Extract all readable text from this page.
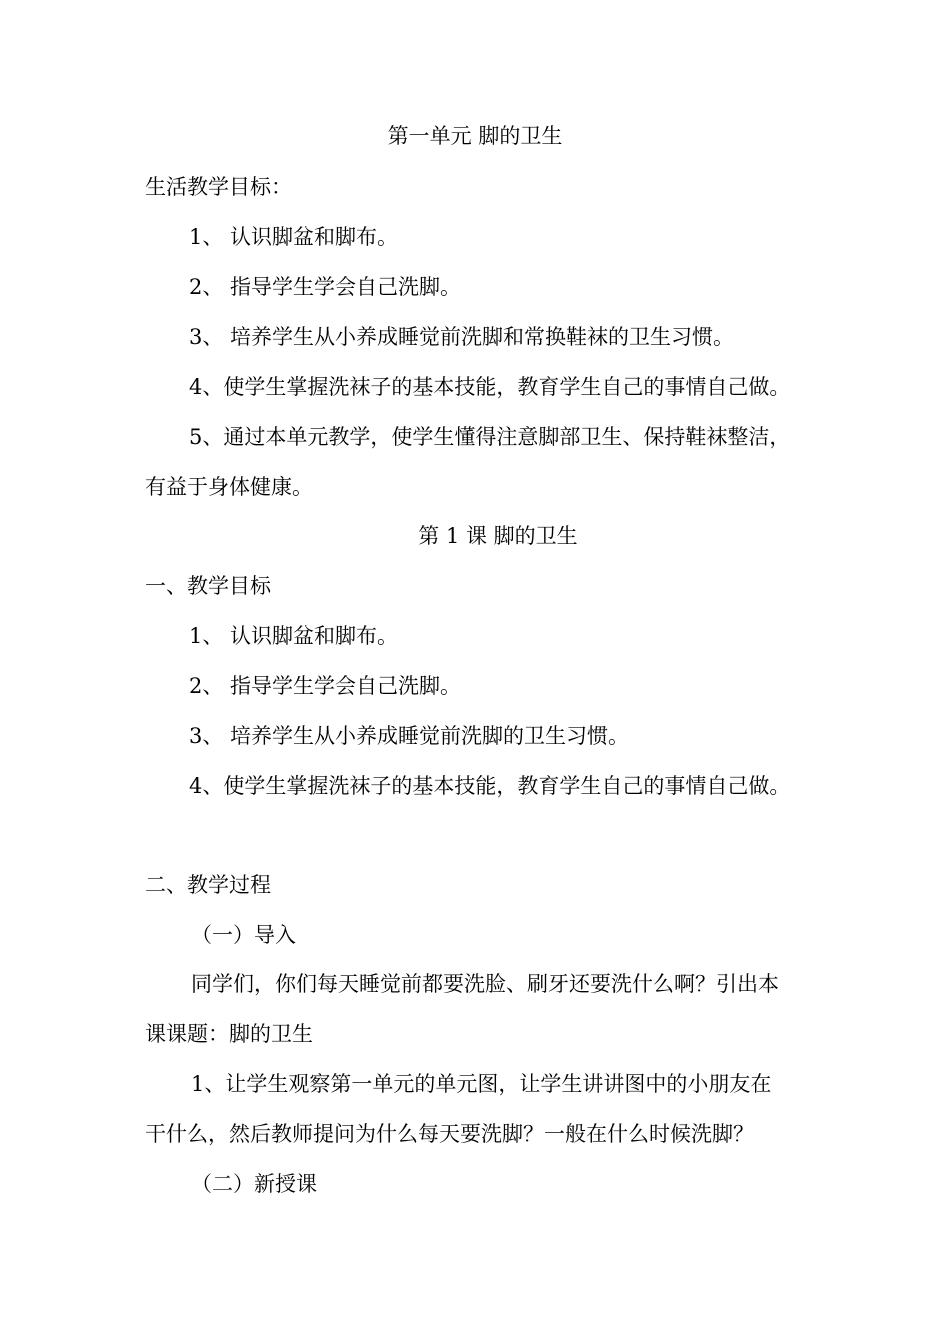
第一单元 脚的卫生
生活教学目标：
1、 认识脚盆和脚布。
2、 指导学生学会自己洗脚。
3、 培养学生从小养成睡觉前洗脚和常换鞋袜的卫生习惯。
4、使学生掌握洗袜子的基本技能，教育学生自己的事情自己做。
5、通过本单元教学，使学生懂得注意脚部卫生、保持鞋袜整洁，
有益于身体健康。
第 1 课 脚的卫生
一、教学目标
1、 认识脚盆和脚布。
2、 指导学生学会自己洗脚。
3、 培养学生从小养成睡觉前洗脚的卫生习惯。
4、使学生掌握洗袜子的基本技能，教育学生自己的事情自己做。
二、教学过程
（一）导入
同学们，你们每天睡觉前都要洗脸、刷牙还要洗什么啊？引出本
课课题：脚的卫生
1、让学生观察第一单元的单元图，让学生讲讲图中的小朋友在
干什么，然后教师提问为什么每天要洗脚？一般在什么时候洗脚？
（二）新授课
